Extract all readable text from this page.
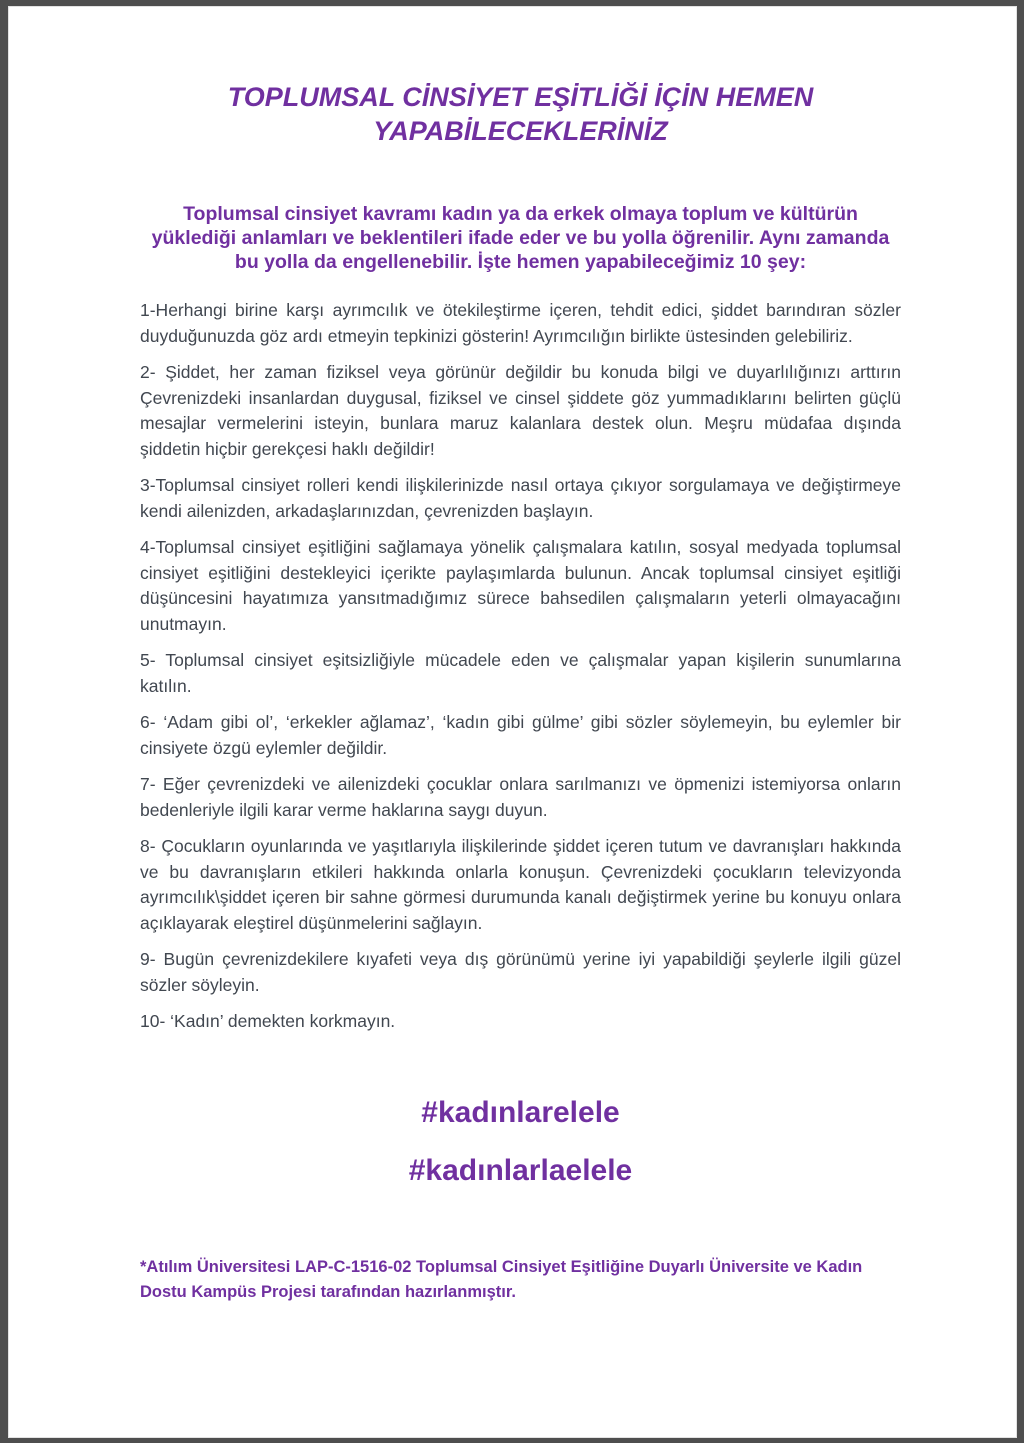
TOPLUMSAL CİNSİYET EŞİTLİĞİ İÇİN HEMEN
YAPABİLECEKLERİNİZ
Toplumsal cinsiyet kavramı kadın ya da erkek olmaya toplum ve kültürün yüklediği anlamları ve beklentileri ifade eder ve bu yolla öğrenilir. Aynı zamanda bu yolla da engellenebilir. İşte hemen yapabileceğimiz 10 şey:

1-Herhangi birine karşı ayrımcılık ve ötekileştirme içeren, tehdit edici, şiddet barındıran sözler duyduğunuzda göz ardı etmeyin tepkinizi gösterin! Ayrımcılığın birlikte üstesinden gelebiliriz.

2- Şiddet, her zaman fiziksel veya görünür değildir bu konuda bilgi ve duyarlılığınızı arttırın Çevrenizdeki insanlardan duygusal, fiziksel ve cinsel şiddete göz yummadıklarını belirten güçlü mesajlar vermelerini isteyin, bunlara maruz kalanlara destek olun. Meşru müdafaa dışında şiddetin hiçbir gerekçesi haklı değildir!

3-Toplumsal cinsiyet rolleri kendi ilişkilerinizde nasıl ortaya çıkıyor sorgulamaya ve değiştirmeye kendi ailenizden, arkadaşlarınızdan, çevrenizden başlayın.

4-Toplumsal cinsiyet eşitliğini sağlamaya yönelik çalışmalara katılın, sosyal medyada toplumsal cinsiyet eşitliğini destekleyici içerikte paylaşımlarda bulunun. Ancak toplumsal cinsiyet eşitliği düşüncesini hayatımıza yansıtmadığımız sürece bahsedilen çalışmaların yeterli olmayacağını unutmayın.

5- Toplumsal cinsiyet eşitsizliğiyle mücadele eden ve çalışmalar yapan kişilerin sunumlarına katılın.

6- ‘Adam gibi ol’, ‘erkekler ağlamaz’, ‘kadın gibi gülme’ gibi sözler söylemeyin, bu eylemler bir cinsiyete özgü eylemler değildir.

7- Eğer çevrenizdeki ve ailenizdeki çocuklar onlara sarılmanızı ve öpmenizi istemiyorsa onların bedenleriyle ilgili karar verme haklarına saygı duyun.

8- Çocukların oyunlarında ve yaşıtlarıyla ilişkilerinde şiddet içeren tutum ve davranışları hakkında ve bu davranışların etkileri hakkında onlarla konuşun. Çevrenizdeki çocukların televizyonda ayrımcılık\şiddet içeren bir sahne görmesi durumunda kanalı değiştirmek yerine bu konuyu onlara açıklayarak eleştirel düşünmelerini sağlayın.

9- Bugün çevrenizdekilere kıyafeti veya dış görünümü yerine iyi yapabildiği şeylerle ilgili güzel sözler söyleyin.

10- ‘Kadın’ demekten korkmayın.

#kadınlarelele
#kadınlarlaelele
*Atılım Üniversitesi LAP-C-1516-02 Toplumsal Cinsiyet Eşitliğine Duyarlı Üniversite ve Kadın Dostu Kampüs Projesi tarafından hazırlanmıştır.
